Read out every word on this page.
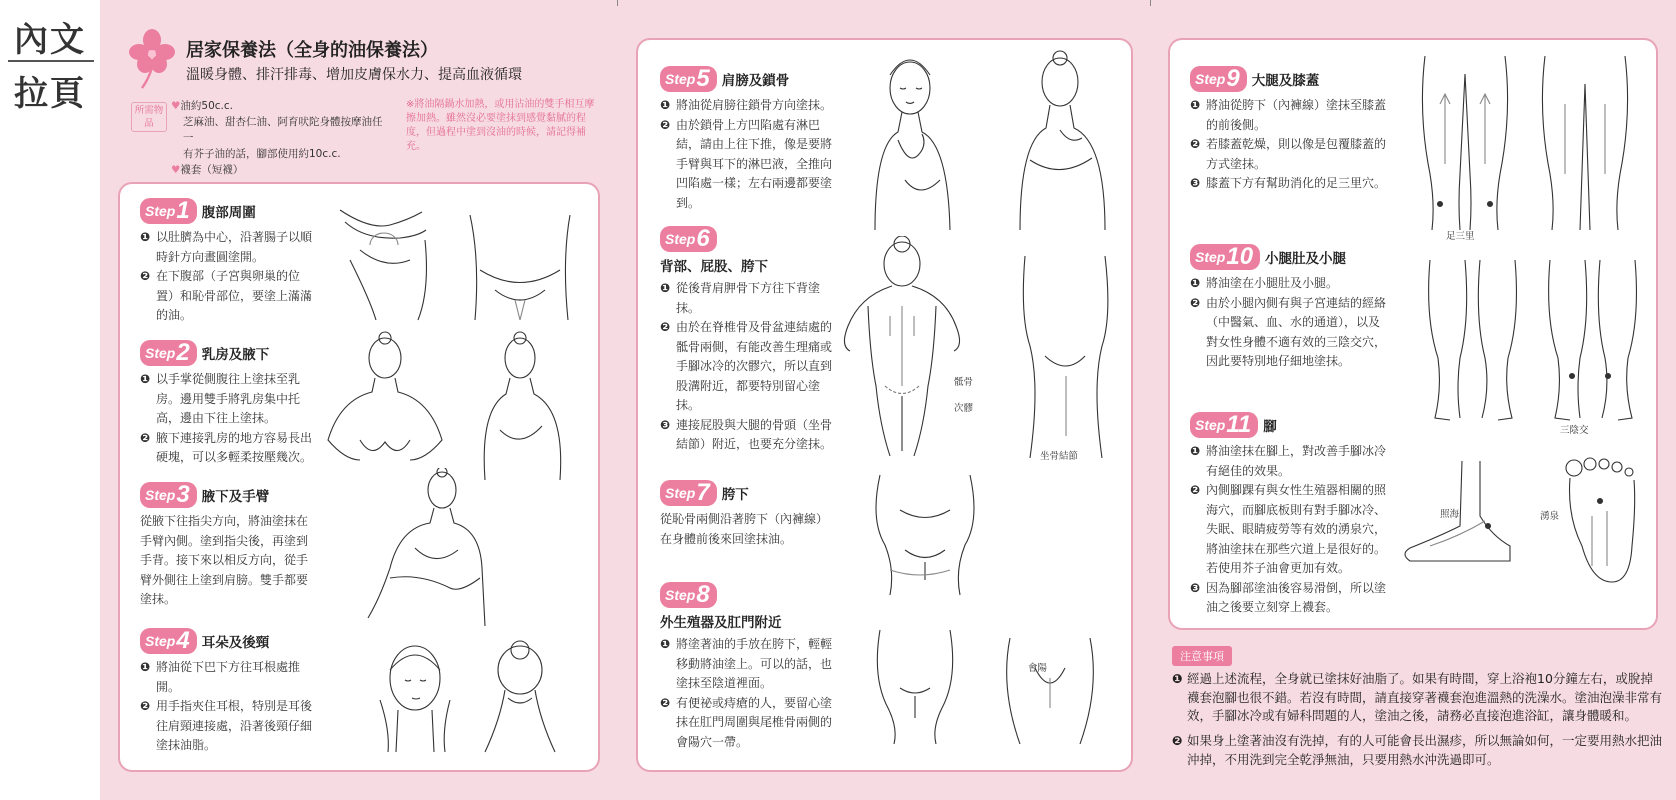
內文
拉頁
居家保養法（全身的油保養法）
溫暖身體、排汗排毒、增加皮膚保水力、提高血液循環
所需物品
♥油約50c.c.
芝麻油、甜杏仁油、阿育吠陀身體按摩油任一
有芥子油的話，腳部使用約10c.c.
♥襪套（短襪）
※將油隔鍋水加熱，或用沾油的雙手相互摩擦加熱。雖然沒必要塗抹到感覺黏膩的程度，但過程中塗到沒油的時候，請記得補充。
Step 1 腹部周圍
❶ 以肚臍為中心，沿著腸子以順時針方向畫圓塗開。
❷ 在下腹部（子宮與卵巢的位置）和恥骨部位，要塗上滿滿的油。
Step 2 乳房及腋下
❶ 以手掌從側腹往上塗抹至乳房。邊用雙手將乳房集中托高，邊由下往上塗抹。
❷ 腋下連接乳房的地方容易長出硬塊，可以多輕柔按壓幾次。
Step 3 腋下及手臂
從腋下往指尖方向，將油塗抹在手臂內側。塗到指尖後，再塗到手背。接下來以相反方向，從手臂外側往上塗到肩膀。雙手都要塗抹。
Step 4 耳朵及後頸
❶ 將油從下巴下方往耳根處推開。
❷ 用手指夾住耳根，特別是耳後往肩頸連接處，沿著後頸仔細塗抹油脂。
Step 5 肩膀及鎖骨
❶ 將油從肩膀往鎖骨方向塗抹。
❷ 由於鎖骨上方凹陷處有淋巴結，請由上往下推，像是要將手臂與耳下的淋巴液，全推向凹陷處一樣；左右兩邊都要塗到。
Step 6
背部、屁股、胯下
❶ 從後背肩胛骨下方往下背塗抹。
❷ 由於在脊椎骨及骨盆連結處的骶骨兩側，有能改善生理痛或手腳冰冷的次髎穴，所以直到股溝附近，都要特別留心塗抹。
❸ 連接屁股與大腿的骨頭（坐骨結節）附近，也要充分塗抹。
Step 7 胯下
從恥骨兩側沿著胯下（內褲線）在身體前後來回塗抹油。
Step 8
外生殖器及肛門附近
❶ 將塗著油的手放在胯下，輕輕移動將油塗上。可以的話，也塗抹至陰道裡面。
❷ 有便祕或痔瘡的人，要留心塗抹在肛門周圍與尾椎骨兩側的會陽穴一帶。
骶骨
次髎
坐骨結節
會陽
Step 9 大腿及膝蓋
❶ 將油從胯下（內褲線）塗抹至膝蓋的前後側。
❷ 若膝蓋乾燥，則以像是包覆膝蓋的方式塗抹。
❸ 膝蓋下方有幫助消化的足三里穴。
Step 10 小腿肚及小腿
❶ 將油塗在小腿肚及小腿。
❷ 由於小腿內側有與子宮連結的經絡（中醫氣、血、水的通道），以及對女性身體不適有效的三陰交穴，因此要特別地仔細地塗抹。
Step 11 腳
❶ 將油塗抹在腳上，對改善手腳冰冷有絕佳的效果。
❷ 內側腳踝有與女性生殖器相關的照海穴，而腳底板則有對手腳冰冷、失眠、眼睛疲勞等有效的湧泉穴，將油塗抹在那些穴道上是很好的。若使用芥子油會更加有效。
❸ 因為腳部塗油後容易滑倒，所以塗油之後要立刻穿上襪套。
足三里
三陰交
照海	湧泉
注意事項
❶ 經過上述流程，全身就已塗抹好油脂了。如果有時間，穿上浴袍10分鐘左右，或脫掉襪套泡腳也很不錯。若沒有時間，請直接穿著襪套泡進溫熱的洗澡水。塗油泡澡非常有效，手腳冰冷或有婦科問題的人，塗油之後，請務必直接泡進浴缸，讓身體暖和。
❷ 如果身上塗著油沒有洗掉，有的人可能會長出濕疹，所以無論如何，一定要用熱水把油沖掉，不用洗到完全乾淨無油，只要用熱水沖洗過即可。
